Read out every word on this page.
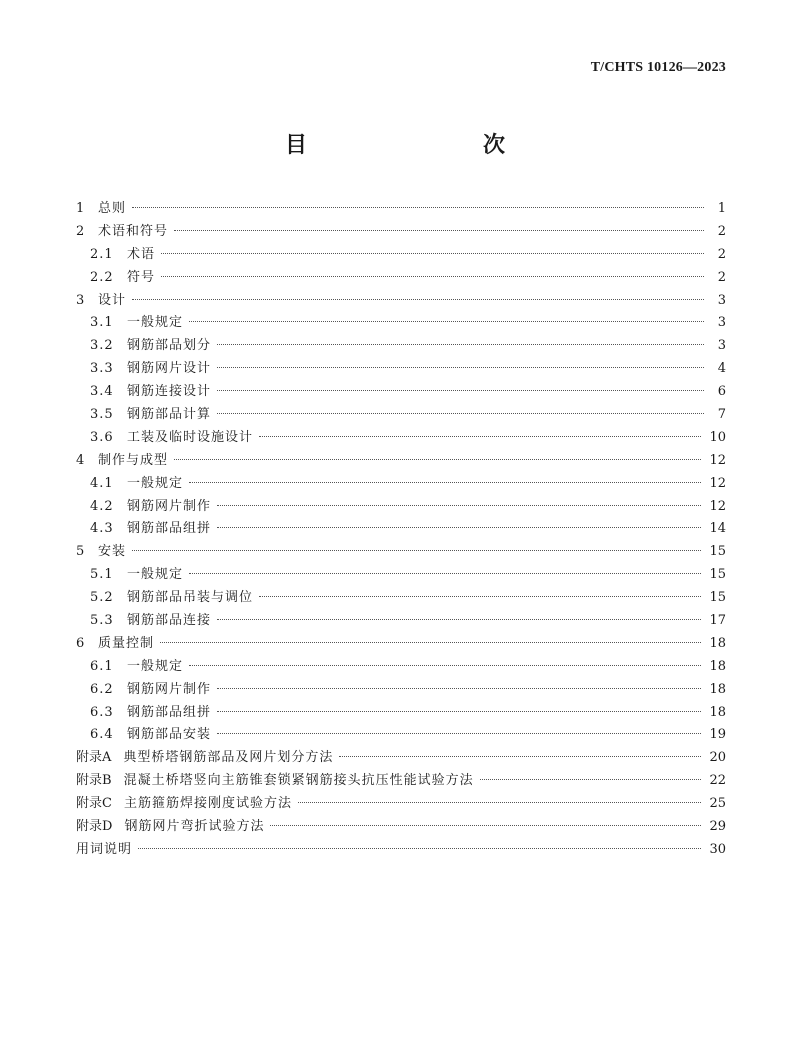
T/CHTS 10126—2023
目　　次
1	总则	1
2	术语和符号	2
2.1	术语	2
2.2	符号	2
3	设计	3
3.1	一般规定	3
3.2	钢筋部品划分	3
3.3	钢筋网片设计	4
3.4	钢筋连接设计	6
3.5	钢筋部品计算	7
3.6	工装及临时设施设计	10
4	制作与成型	12
4.1	一般规定	12
4.2	钢筋网片制作	12
4.3	钢筋部品组拼	14
5	安装	15
5.1	一般规定	15
5.2	钢筋部品吊装与调位	15
5.3	钢筋部品连接	17
6	质量控制	18
6.1	一般规定	18
6.2	钢筋网片制作	18
6.3	钢筋部品组拼	18
6.4	钢筋部品安装	19
附录A 典型桥塔钢筋部品及网片划分方法	20
附录B 混凝土桥塔竖向主筋锥套锁紧钢筋接头抗压性能试验方法	22
附录C 主筋箍筋焊接刚度试验方法	25
附录D 钢筋网片弯折试验方法	29
用词说明	30
